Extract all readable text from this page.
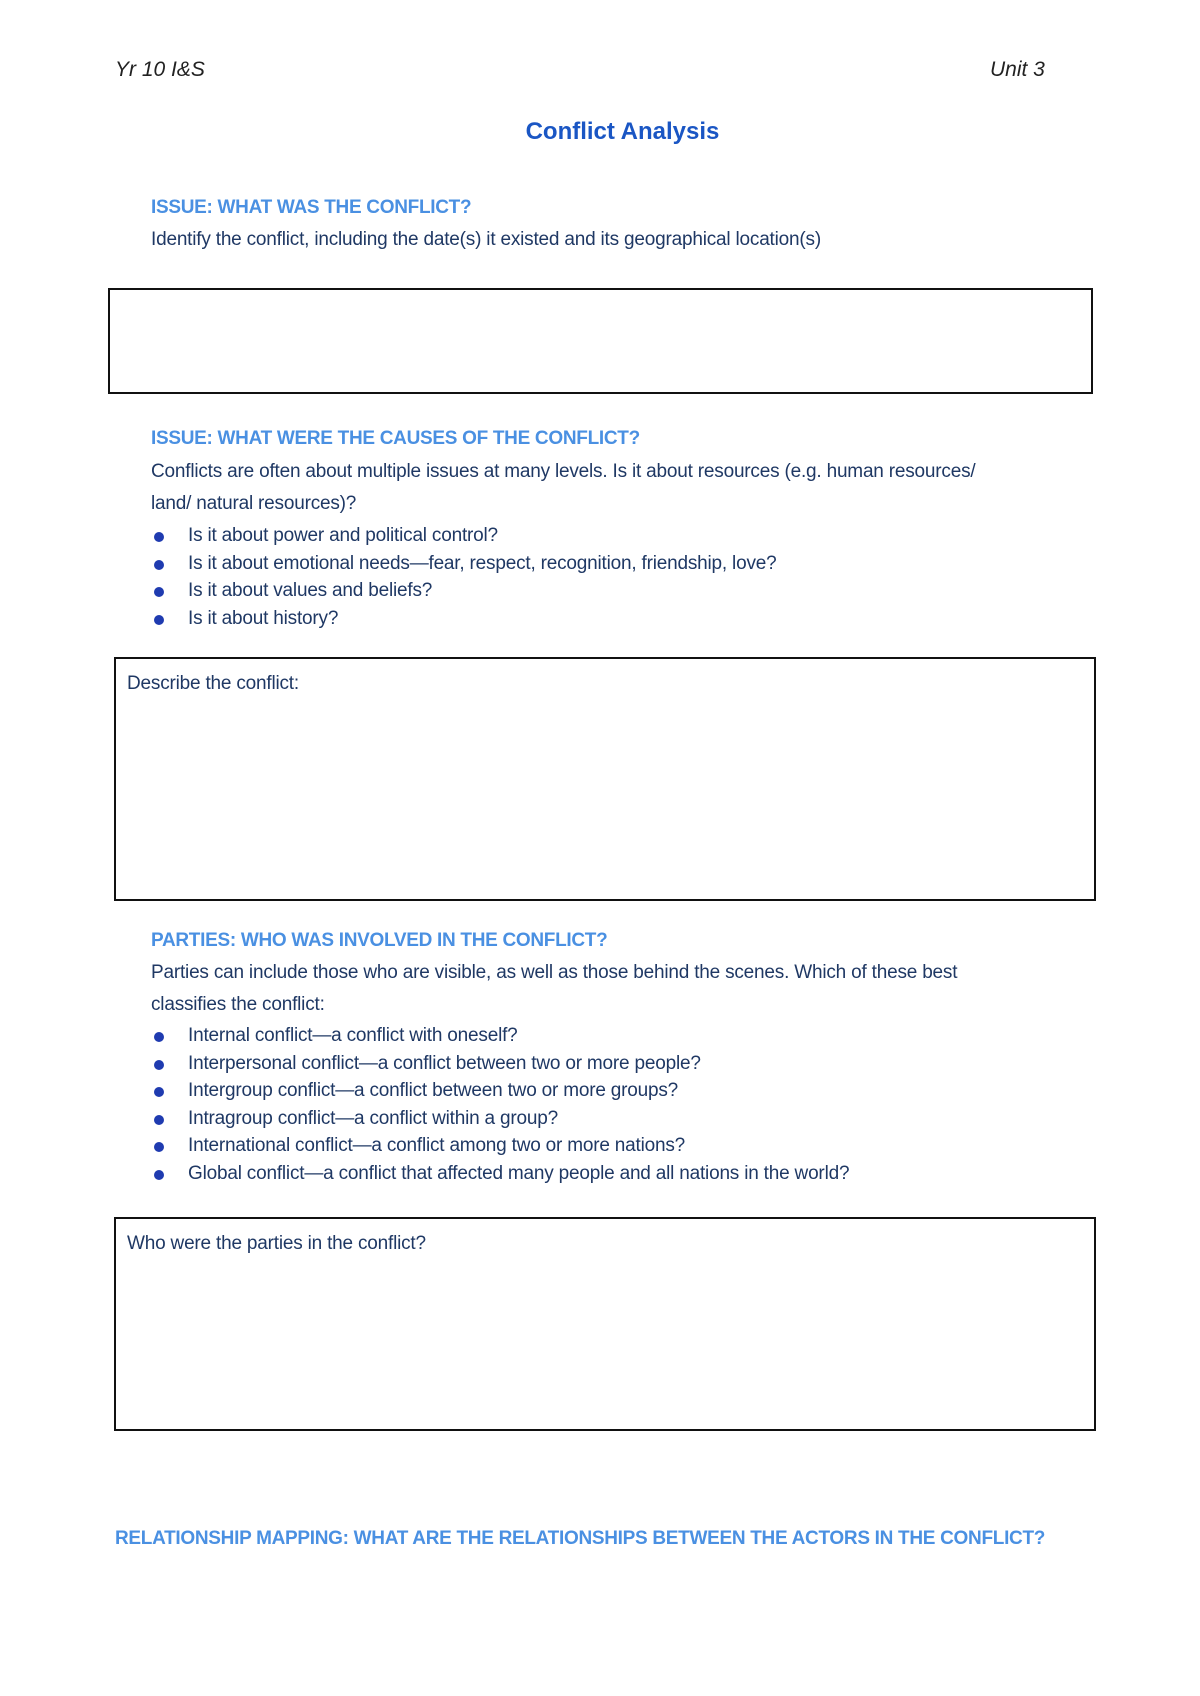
Yr 10 I&S	Unit 3
Conflict Analysis
ISSUE: WHAT WAS THE CONFLICT?
Identify the conflict, including the date(s) it existed and its geographical location(s)
ISSUE: WHAT WERE THE CAUSES OF THE CONFLICT?
Conflicts are often about multiple issues at many levels. Is it about resources (e.g. human resources/
land/ natural resources)?
Is it about power and political control?
Is it about emotional needs—fear, respect, recognition, friendship, love?
Is it about values and beliefs?
Is it about history?
Describe the conflict:
PARTIES: WHO WAS INVOLVED IN THE CONFLICT?
Parties can include those who are visible, as well as those behind the scenes. Which of these best
classifies the conflict:
Internal conflict—a conflict with oneself?
Interpersonal conflict—a conflict between two or more people?
Intergroup conflict—a conflict between two or more groups?
Intragroup conflict—a conflict within a group?
International conflict—a conflict among two or more nations?
Global conflict—a conflict that affected many people and all nations in the world?
Who were the parties in the conflict?
RELATIONSHIP MAPPING: WHAT ARE THE RELATIONSHIPS BETWEEN THE ACTORS IN THE CONFLICT?
